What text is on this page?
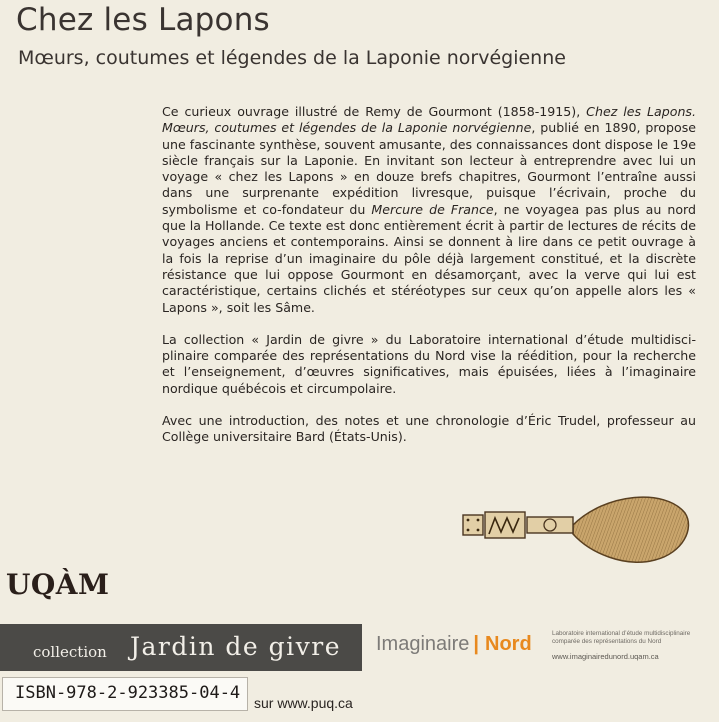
Chez les Lapons
Mœurs, coutumes et légendes de la Laponie norvégienne

Ce curieux ouvrage illustré de Remy de Gourmont (1858-1915), Chez les Lapons. Mœurs, coutumes et légendes de la Laponie norvégienne, publié en 1890, propose une fascinante synthèse, souvent amusante, des connaissances dont dispose le 19e siècle français sur la Laponie. En invitant son lecteur à entreprendre avec lui un voyage « chez les Lapons » en douze brefs chapitres, Gourmont l’entraîne aussi dans une surprenante expédition livresque, puisque l’écrivain, proche du symbolisme et co-fondateur du Mercure de France, ne voyagea pas plus au nord que la Hollande. Ce texte est donc entièrement écrit à partir de lectures de récits de voyages anciens et contemporains. Ainsi se donnent à lire dans ce petit ouvrage à la fois la reprise d’un imaginaire du pôle déjà largement constitué, et la discrète résistance que lui oppose Gourmont en désamorçant, avec la verve qui lui est caractéristique, certains clichés et stéréotypes sur ceux qu’on appelle alors les « Lapons », soit les Sâme.

La collection « Jardin de givre » du Laboratoire international d’étude multidisciplinaire comparée des représentations du Nord vise la réédition, pour la recherche et l’enseignement, d’œuvres significatives, mais épuisées, liées à l’imaginaire nordique québécois et circumpolaire.

Avec une introduction, des notes et une chronologie d’Éric Trudel, professeur au Collège universitaire Bard (États-Unis).

UQÀM
collection Jardin de givre Imaginaire | Nord	Laboratoire international d’étude multidisciplinaire comparée des représentations du Nord
www.imaginairedunord.uqam.ca
ISBN-978-2-923385-04-4 sur www.puq.ca
